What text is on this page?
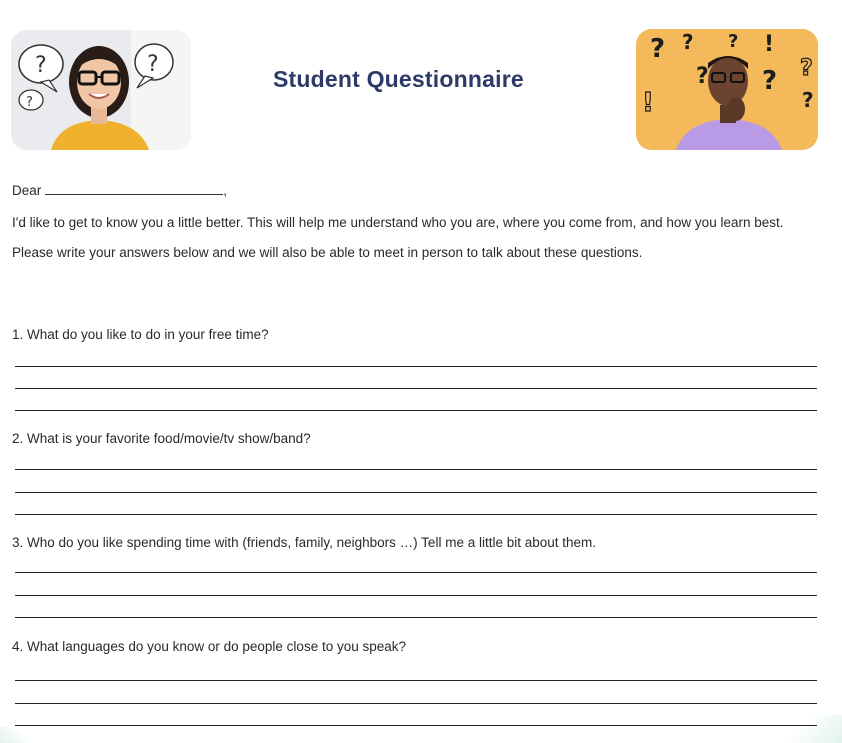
?
?
?
Student Questionnaire
? ?
?
? !
? ?
?
!
Dear	,
I'd like to get to know you a little better. This will help me understand who you are, where you come from, and how you learn best. Please write your answers below and we will also be able to meet in person to talk about these questions.
1. What do you like to do in your free time?
2. What is your favorite food/movie/tv show/band?
3. Who do you like spending time with (friends, family, neighbors …) Tell me a little bit about them.
4. What languages do you know or do people close to you speak?
